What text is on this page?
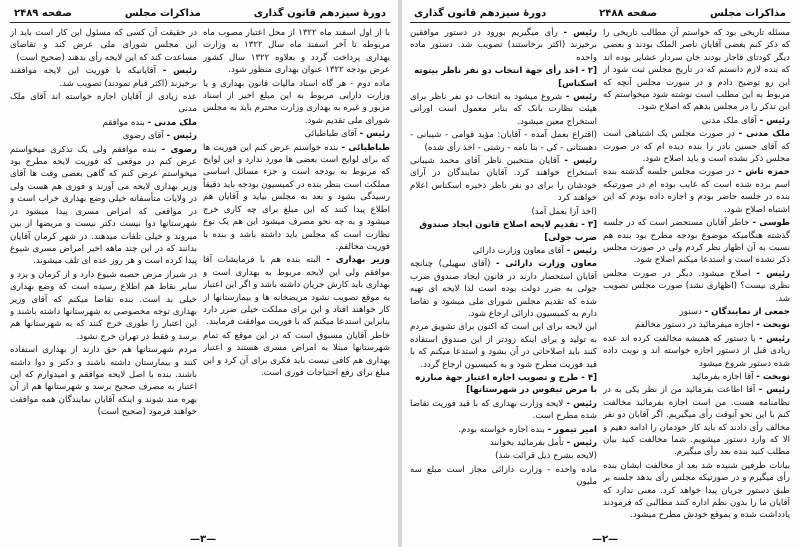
دورهٔ سیزدهم قانون گذاری
مذاکرات مجلس
صفحه ۲۴۸۹

با از اول اسفند ماه ۱۳۲۲ از محل اعتبار مصوب ماه مربوطه تا آخر اسفند ماه سال ۱۳۲۲ به وزارت بهداری پرداخت گردد و بعلاوه ۱۳۲۲ سال کشور عرض بودجه ۱۳۲۲ عنوان بهداری منظور شود.

ماده دوم - هر گاه اسناد مالیات قانون بهداری و یا وزارت دارایی مربوط به این مبلغ اخیر از اسناد مزبور و غیره به بهداری وزارت محترم باید به مجلس شورای ملی تقدیم شود.

رئیس - آقای طباطبائی

طباطبائی - بنده خواستم عرض کنم این فوریت ها که برای لوایح است بعضی ها مورد ندارد و این لوایح که مربوط به بودجه است و جزء مسائل اساسی مملکت است بنظر بنده در کمیسیون بودجه باید دقیقاً رسیدگی بشود و بعد به مجلس بیاید و آقایان هم اطلاع پیدا کنند که این مبلغ برای چه کاری خرج میشود و به چه نحو مصرف میشود این هم یک نوع نظارت است که مجلس باید داشته باشد و بنده با فوریت مخالفم.

وزیر بهداری - البته بنده هم با فرمایشات آقا موافقم ولی این لایحه مربوط به بهداری است و بهداری باید کارش جریان داشته باشد و اگر این اعتبار به موقع تصویب نشود مریضخانه ها و بیمارستانها از کار خواهند افتاد و این برای مملکت خیلی ضرر دارد بنابراین استدعا میکنم که با فوریت موافقت فرمایند.

خاطر آقایان مسبوق است که در این موقع که تمام شهرستانها مبتلا به امراض مسری هستند و اعتبار بهداری هم کافی نیست باید فکری برای آن کرد و این مبلغ برای رفع احتیاجات فوری است.

در حقیقت آن کسی که مسئول این کار است باید از این مجلس شورای ملی عرض کند و تقاضای مساعدت کند که این لایحه رأی بدهند (صحیح است)

رئیس - آقایانیکه با فوریت این لایحه موافقند برخیزند (اکثر قیام نمودند) تصویب شد.

عده زیادی از آقایان اجازه خواسته اند آقای ملک مدنی

ملک مدنی - بنده موافقم

رئیس - آقای رضوی

رضوی - بنده موافقم ولی یک تذکری میخواستم عرض کنم در موقعی که فوریت لایحه مطرح بود میخواستم عرض کنم که گاهی بعضی وقت ها آقای وزیر بهداری لایحه می آورند و فوری هم هست ولی در ولایات متأسفانه خیلی وضع بهداری خراب است و در مواقعی که امراض مسری پیدا میشود در شهرستانها دوا نیست دکتر نیست و مریضها از بین میروند و خیلی تلفات میدهند. در شهر کرمان آقایان بدانند که در این چند ماهه اخیر امراض مسری شیوع پیدا کرده است و هر روز عده ای تلف میشوند.

در شیراز مرض حصبه شیوع دارد و از کرمان و یزد و سایر نقاط هم اطلاع رسیده است که وضع بهداری خیلی بد است. بنده تقاضا میکنم که آقای وزیر بهداری توجه مخصوصی به شهرستانها داشته باشند و این اعتبار را طوری خرج کنند که به شهرستانها هم برسد و فقط در تهران خرج نشود.

مردم شهرستانها هم حق دارند از بهداری استفاده کنند و بیمارستان داشته باشند و دکتر و دوا داشته باشند. بنده با اصل لایحه موافقم و امیدوارم که این اعتبار به مصرف صحیح برسد و شهرستانها هم از آن بهره مند شوند و اینکه آقایان نمایندگان همه موافقت خواهند فرمود (صحیح است)

—۳—
مذاکرات مجلس
صفحه ۲۴۸۸
دورهٔ سیزدهم قانون گذاری

مسئله تاریخی بود که خواستم آن مطالب تاریخی را که ذکر کنم بعضی آقایان ناصر الملک بودند و بعضی دیگر کودتای قاجار بودند خان سردار عشایر بوده اند که بنده لازم دانستم که در تاریخ مجلس ثبت شود از این رو توضیح دادم و در سورت مجلس آنچه که مربوط به این مطلب است نوشته شود میخواستم که این تذکر را در مجلس بدهم که اصلاح شود.

رئیس - آقای ملک مدنی

ملک مدنی - در صورت مجلس یک اشتباهی است که آقای حسین نادر را بنده دیده ام که در صورت مجلس ذکر نشده است و باید اصلاح شود.

حمزه تاش - در صورت مجلس جلسه گذشته بنده اسم برده شده است که غایب بوده ام در صورتیکه بنده در جلسه حاضر بودم و اجازه داده بودم که این اشتباه اصلاح شود.

طوسی - خاطر آقایان مستحضر است که در جلسه گذشته هنگامیکه موضوع بودجه مطرح بود بنده هم نسبت به آن اظهار نظر کردم ولی در صورت مجلس ذکر نشده است و استدعا میکنم اصلاح شود.

رئیس - اصلاح میشود. دیگر در صورت مجلس نظری نیست؟ (اظهاری نشد) صورت مجلس تصویب شد.

جمعی از نمایندگان - دستور

نوبخت - اجازه میفرمائید در دستور مخالفم

رئیس - با دستور که همیشه مخالفت کرده اند عده زیادی قبل از دستور اجازه خواسته اند و نوبت داده شده دستور شروع میشود

نوبخت - آقا اجازه بفرمائید

رئیس - آقا اطاعت بفرمائید من از نظر یکی به در نظامنامه هست. من است اجازه بفرمائید مخالفت کنم با این نحو آنوقت رأی میگیریم. اگر آقایان دو نفر مخالف رأی دادند که باید کار خودمان را ادامه دهیم و الا که وارد دستور میشویم. شما مخالفت کنید بیان مطلب کنید بنده بعد رأی میگیرم.

بیانات طرفین شنیده شد بعد از مخالفت ایشان بنده رأی میگیرم و در صورتیکه مجلس رأی بدهد جلسه بر طبق دستور جریان پیدا خواهد کرد. معنی ندارد که آقایان ما را بدون نظم اداره کنند مطالبی که فرمودند یادداشت شده و بموقع خودش مطرح میشود.

رئیس - رأی میگیریم بورود در دستور موافقین برخیزند (اکثر برخاستند) تصویب شد. دستور ماده واحده

[۲ - اخذ رأی جهة انتخاب دو نفر ناظر بیتوته اسکناس]

رئیس - شروع میشود به انتخاب دو نفر ناظر برای هیئت نظارت بانک که بنابر معمول است اورانی استخراج معین میشود.

(اقتراع بعمل آمده - آقایان: مؤید قوامی - شیبانی - دهستانی - کی - بنا نامه - رشتی - اخذ رأی شده)

رئیس - آقایان منتخبین ناظر آقای محمد شیبانی استخراج خواهند کرد. آقایان نمایندگان در آرای خودشان را برای دو نفر ناظر ذخیره اسکناس اعلام خواهند کرد

(اخذ آرا بعمل آمد)

[۳ - تقدیم لایحه اصلاح قانون ایجاد صندوق ضرب جولی]

رئیس - آقای معاون وزارت دارائی

معاون وزارت دارائی - (آقای سهیلی) چنانچه آقایان استحضار دارند در قانون ایجاد صندوق ضرب جولی به ضرر دولت بوده است لذا لایحه ای تهیه شده که تقدیم مجلس شورای ملی میشود و تقاضا دارم به کمیسیون دارائی ارجاع شود.

این لایحه برای این است که اکنون برای تشویق مردم به تولید و برای اینکه زودتر از این صندوق استفاده کنند باید اصلاحاتی در آن بشود و استدعا میکنم که با قید فوریت مطرح شود و به کمیسیون ارجاع گردد.

[۴ - طرح و تصویب اجازه اعتبار جهة مبارزه با مرض تیفوس در شهرستانها]

رئیس - لایحه وزارت بهداری که با قید فوریت تقاضا شده مطرح است.

امیر تیمور - بنده اجازه خواسته بودم.

رئیس - تأمل بفرمائید بخوانند

(لایحه بشرح ذیل قرائت شد)

ماده واحده - وزارت دارائی مجاز است مبلغ سه ملیون

—۲—
